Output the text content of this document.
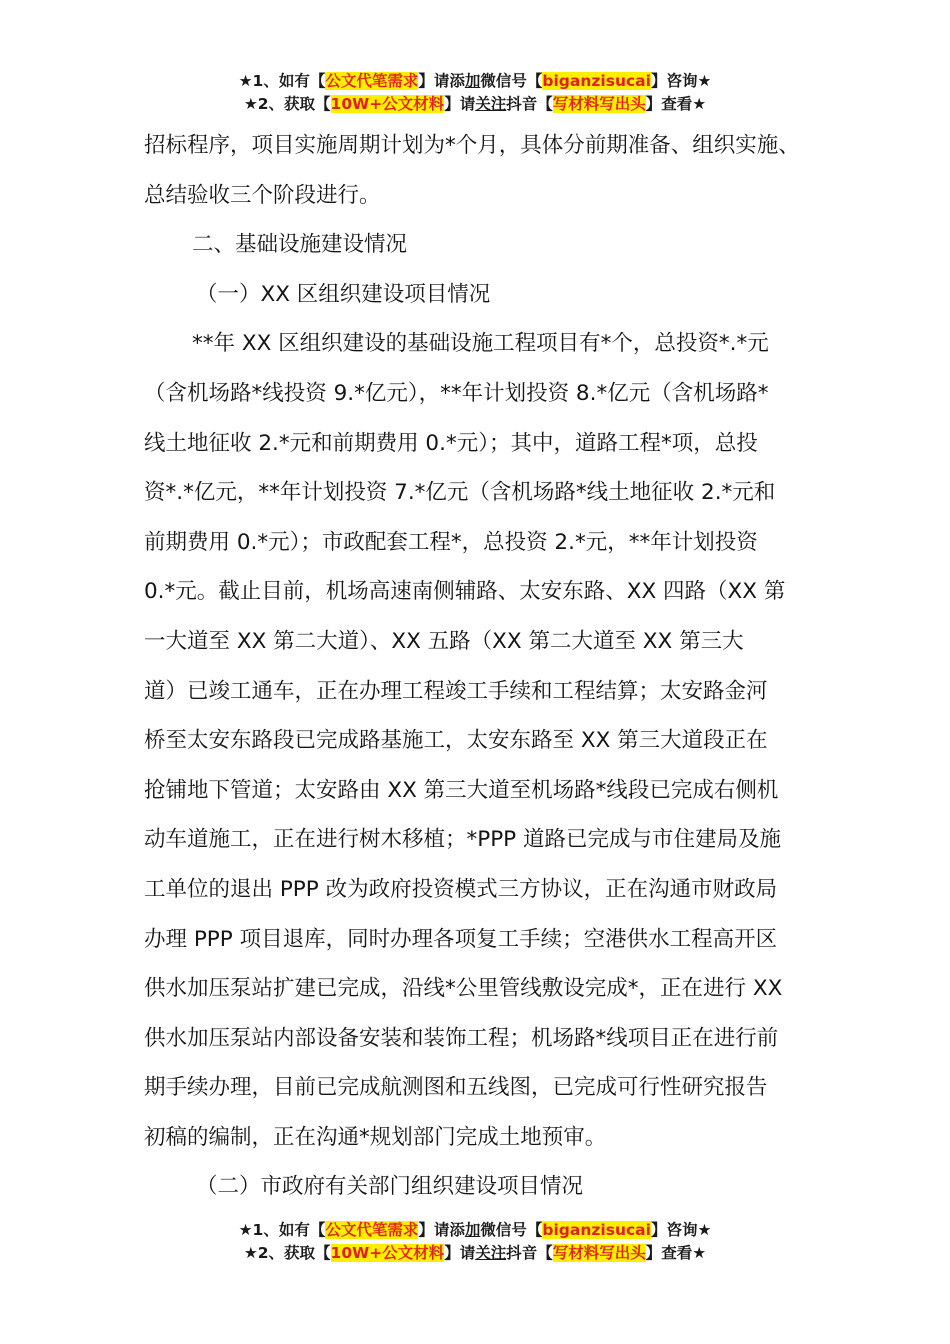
★1、如有【公文代笔需求】请添加微信号【biganzisucai】咨询★
★2、获取【10W+公文材料】请关注抖音【写材料写出头】查看★
招标程序，项目实施周期计划为*个月，具体分前期准备、组织实施、
总结验收三个阶段进行。
二、基础设施建设情况
（一）XX 区组织建设项目情况
**年 XX 区组织建设的基础设施工程项目有*个，总投资*.*元
（含机场路*线投资 9.*亿元），**年计划投资 8.*亿元（含机场路*
线土地征收 2.*元和前期费用 0.*元）；其中，道路工程*项，总投
资*.*亿元，**年计划投资 7.*亿元（含机场路*线土地征收 2.*元和
前期费用 0.*元）；市政配套工程*，总投资 2.*元，**年计划投资
0.*元。截止目前，机场高速南侧辅路、太安东路、XX 四路（XX 第
一大道至 XX 第二大道）、XX 五路（XX 第二大道至 XX 第三大
道）已竣工通车，正在办理工程竣工手续和工程结算；太安路金河
桥至太安东路段已完成路基施工，太安东路至 XX 第三大道段正在
抢铺地下管道；太安路由 XX 第三大道至机场路*线段已完成右侧机
动车道施工，正在进行树木移植；*PPP 道路已完成与市住建局及施
工单位的退出 PPP 改为政府投资模式三方协议，正在沟通市财政局
办理 PPP 项目退库，同时办理各项复工手续；空港供水工程高开区
供水加压泵站扩建已完成，沿线*公里管线敷设完成*，正在进行 XX
供水加压泵站内部设备安装和装饰工程；机场路*线项目正在进行前
期手续办理，目前已完成航测图和五线图，已完成可行性研究报告
初稿的编制，正在沟通*规划部门完成土地预审。
（二）市政府有关部门组织建设项目情况
★1、如有【公文代笔需求】请添加微信号【biganzisucai】咨询★
★2、获取【10W+公文材料】请关注抖音【写材料写出头】查看★
